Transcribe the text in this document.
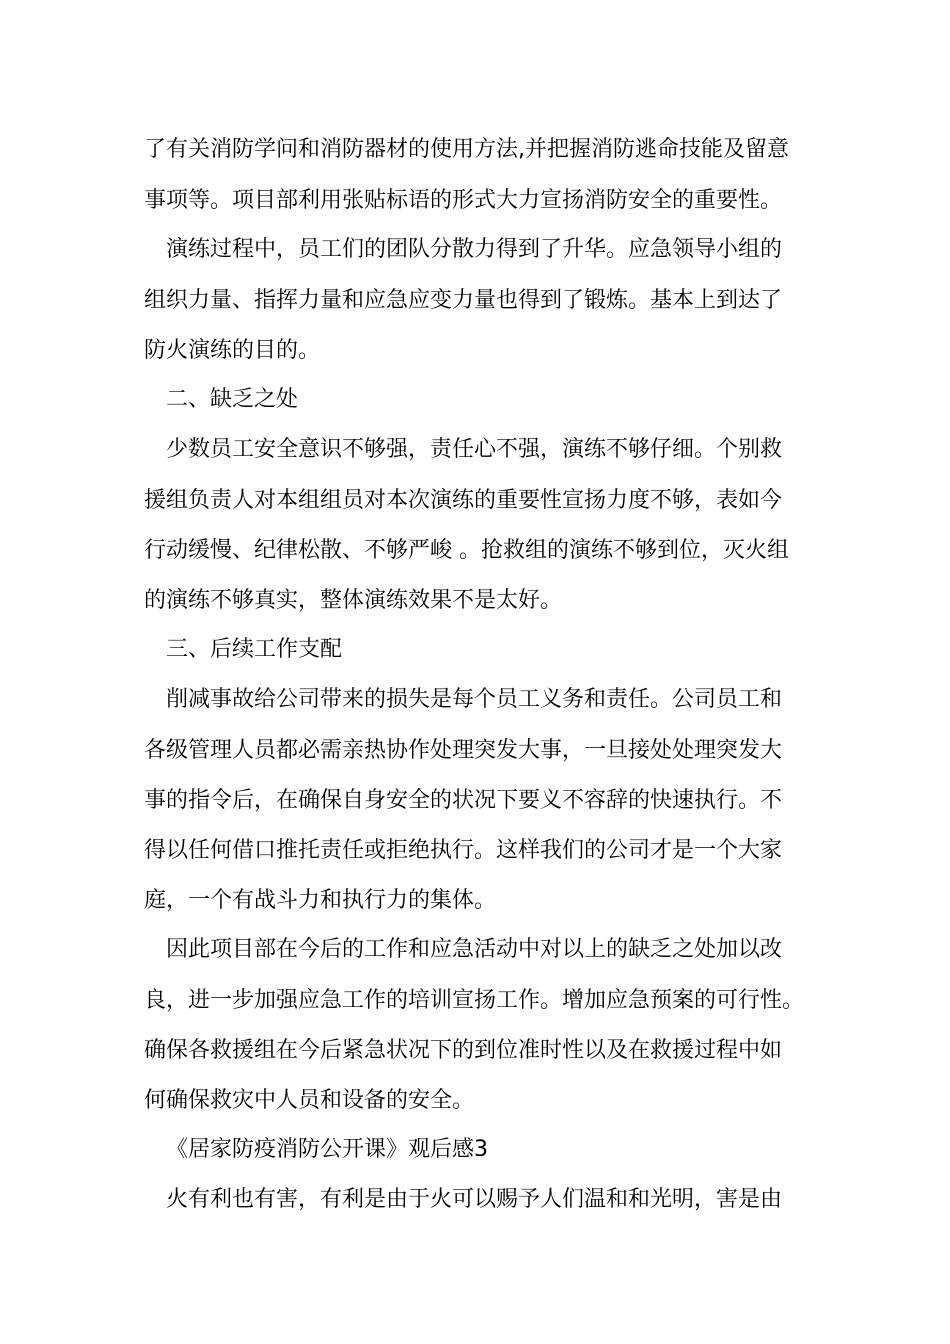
了有关消防学问和消防器材的使用方法,并把握消防逃命技能及留意

事项等。项目部利用张贴标语的形式大力宣扬消防安全的重要性。

演练过程中，员工们的团队分散力得到了升华。应急领导小组的

组织力量、指挥力量和应急应变力量也得到了锻炼。基本上到达了

防火演练的目的。

二、缺乏之处

少数员工安全意识不够强，责任心不强，演练不够仔细。个别救

援组负责人对本组组员对本次演练的重要性宣扬力度不够，表如今

行动缓慢、纪律松散、不够严峻 。抢救组的演练不够到位，灭火组

的演练不够真实，整体演练效果不是太好。

三、后续工作支配

削减事故给公司带来的损失是每个员工义务和责任。公司员工和

各级管理人员都必需亲热协作处理突发大事，一旦接处处理突发大

事的指令后，在确保自身安全的状况下要义不容辞的快速执行。不

得以任何借口推托责任或拒绝执行。这样我们的公司才是一个大家

庭，一个有战斗力和执行力的集体。

因此项目部在今后的工作和应急活动中对以上的缺乏之处加以改

良，进一步加强应急工作的培训宣扬工作。增加应急预案的可行性。

确保各救援组在今后紧急状况下的到位准时性以及在救援过程中如

何确保救灾中人员和设备的安全。

《居家防疫消防公开课》观后感3

火有利也有害，有利是由于火可以赐予人们温和和光明，害是由
